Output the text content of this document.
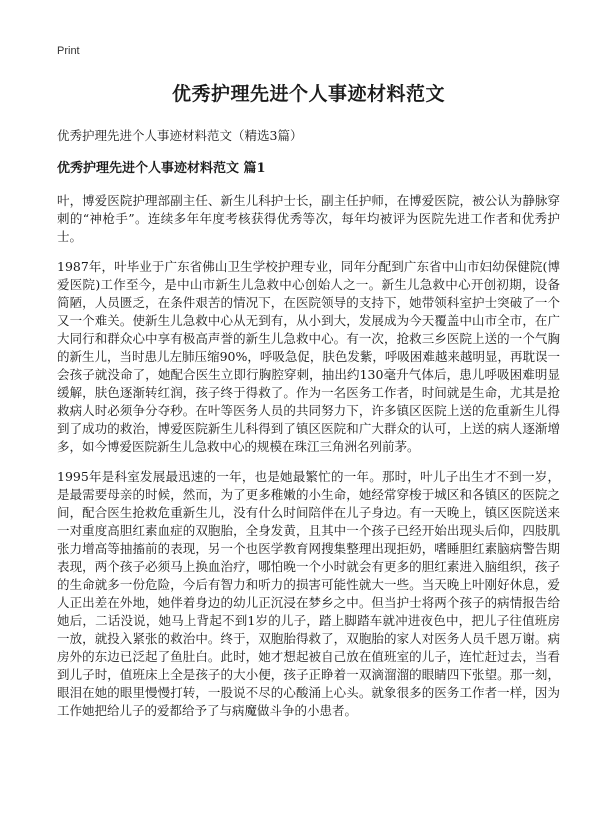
Print
优秀护理先进个人事迹材料范文
优秀护理先进个人事迹材料范文（精选3篇）
优秀护理先进个人事迹材料范文 篇1

叶，博爱医院护理部副主任、新生儿科护士长，副主任护师，在博爱医院，被公认为静脉穿刺的“神枪手”。连续多年年度考核获得优秀等次，每年均被评为医院先进工作者和优秀护士。

1987年，叶毕业于广东省佛山卫生学校护理专业，同年分配到广东省中山市妇幼保健院(博爱医院)工作至今，是中山市新生儿急救中心创始人之一。新生儿急救中心开创初期，设备简陋，人员匮乏，在条件艰苦的情况下，在医院领导的支持下，她带领科室护士突破了一个又一个难关。使新生儿急救中心从无到有，从小到大，发展成为今天覆盖中山市全市，在广大同行和群众心中享有极高声誉的新生儿急救中心。有一次，抢救三乡医院上送的一个气胸的新生儿，当时患儿左肺压缩90%，呼吸急促，肤色发紫，呼吸困难越来越明显，再耽误一会孩子就没命了，她配合医生立即行胸腔穿刺，抽出约130毫升气体后，患儿呼吸困难明显缓解，肤色逐渐转红润，孩子终于得救了。作为一名医务工作者，时间就是生命，尤其是抢救病人时必须争分夺秒。在叶等医务人员的共同努力下，许多镇区医院上送的危重新生儿得到了成功的救治，博爱医院新生儿科得到了镇区医院和广大群众的认可，上送的病人逐渐增多，如今博爱医院新生儿急救中心的规模在珠江三角洲名列前茅。

1995年是科室发展最迅速的一年，也是她最繁忙的一年。那时，叶儿子出生才不到一岁，是最需要母亲的时候，然而，为了更多稚嫩的小生命，她经常穿梭于城区和各镇区的医院之间，配合医生抢救危重新生儿，没有什么时间陪伴在儿子身边。有一天晚上，镇区医院送来一对重度高胆红素血症的双胞胎，全身发黄，且其中一个孩子已经开始出现头后仰，四肢肌张力增高等抽搐前的表现，另一个也医学教育网搜集整理出现拒奶，嗜睡胆红素脑病警告期表现，两个孩子必须马上换血治疗，哪怕晚一个小时就会有更多的胆红素进入脑组织，孩子的生命就多一份危险，今后有智力和听力的损害可能性就大一些。当天晚上叶刚好休息，爱人正出差在外地，她伴着身边的幼儿正沉浸在梦乡之中。但当护士将两个孩子的病情报告给她后，二话没说，她马上背起不到1岁的儿子，踏上脚踏车就冲进夜色中，把儿子往值班房一放，就投入紧张的救治中。终于，双胞胎得救了，双胞胎的家人对医务人员千恩万谢。病房外的东边已泛起了鱼肚白。此时，她才想起被自己放在值班室的儿子，连忙赶过去，当看到儿子时，值班床上全是孩子的大小便，孩子正睁着一双滴溜溜的眼睛四下张望。那一刻，眼泪在她的眼里慢慢打转，一股说不尽的心酸涌上心头。就象很多的医务工作者一样，因为工作她把给儿子的爱都给予了与病魔做斗争的小患者。
